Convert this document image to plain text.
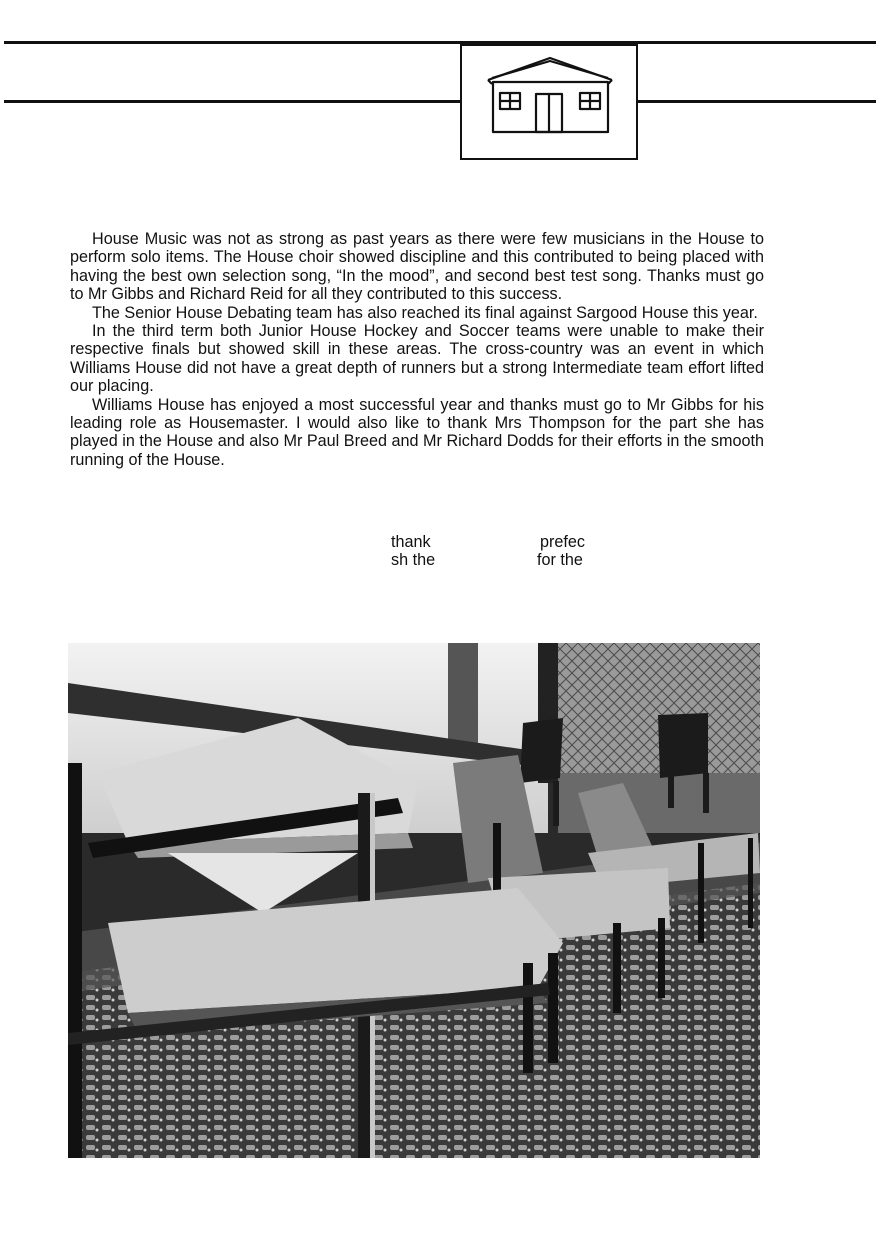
House Music was not as strong as past years as there were few musicians in the House to perform solo items. The House choir showed discipline and this contributed to being placed with having the best own selection song, “In the mood”, and second best test song. Thanks must go to Mr Gibbs and Richard Reid for all they contributed to this success.

The Senior House Debating team has also reached its final against Sargood House this year.

In the third term both Junior House Hockey and Soccer teams were unable to make their respective finals but showed skill in these areas. The cross-country was an event in which Williams House did not have a great depth of runners but a strong Intermediate team effort lifted our placing.

Williams House has enjoyed a most successful year and thanks must go to Mr Gibbs for his leading role as Housemaster. I would also like to thank Mrs Thompson for the part she has played in the House and also Mr Paul Breed and Mr Richard Dodds for their efforts in the smooth running of the House.

thank
sh the
prefec
for the
